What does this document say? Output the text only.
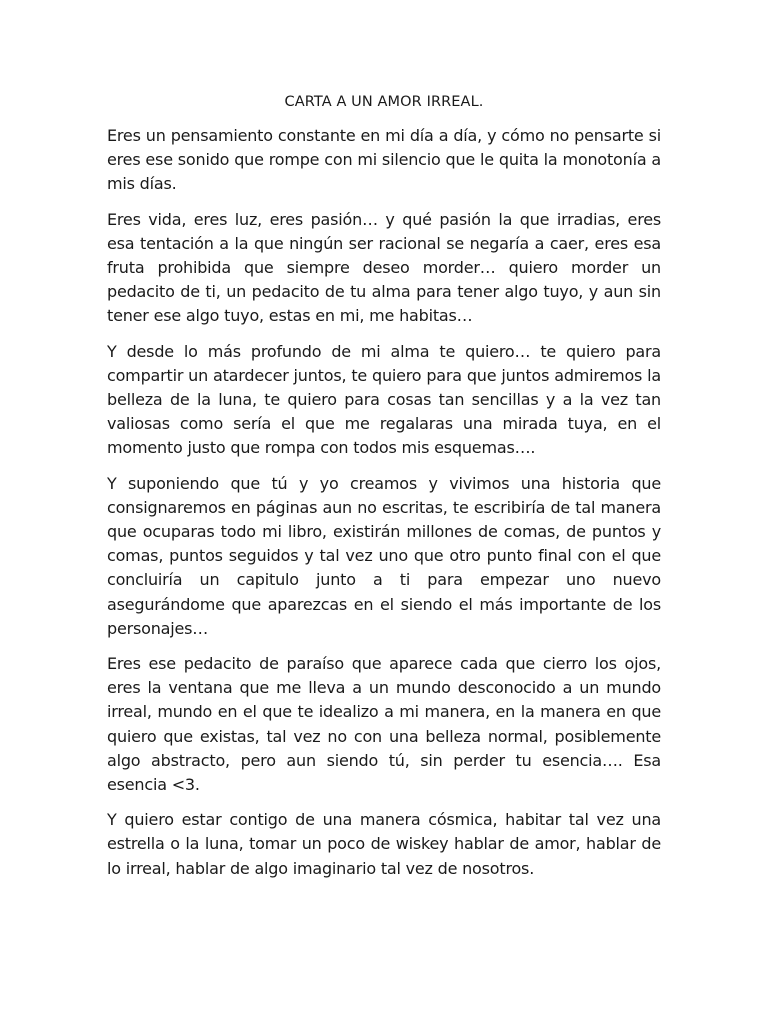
CARTA A UN AMOR IRREAL.

Eres un pensamiento constante en mi día a día, y cómo no pensarte si eres ese sonido que rompe con mi silencio que le quita la monotonía a mis días.

Eres vida, eres luz, eres pasión… y qué pasión la que irradias, eres esa tentación a la que ningún ser racional se negaría a caer, eres esa fruta prohibida que siempre deseo morder… quiero morder un pedacito de ti, un pedacito de tu alma para tener algo tuyo, y aun sin tener ese algo tuyo, estas en mi, me habitas…

Y desde lo más profundo de mi alma te quiero… te quiero para compartir un atardecer juntos, te quiero para que juntos admiremos la belleza de la luna, te quiero para cosas tan sencillas y a la vez tan valiosas como sería el que me regalaras una mirada tuya, en el momento justo que rompa con todos mis esquemas….

Y suponiendo que tú y yo creamos y vivimos una historia que consignaremos en páginas aun no escritas, te escribiría de tal manera que ocuparas todo mi libro, existirán millones de comas, de puntos y comas, puntos seguidos y tal vez uno que otro punto final con el que concluiría un capitulo junto a ti para empezar uno nuevo asegurándome que aparezcas en el siendo el más importante de los personajes…

Eres ese pedacito de paraíso que aparece cada que cierro los ojos, eres la ventana que me lleva a un mundo desconocido a un mundo irreal, mundo en el que te idealizo a mi manera, en la manera en que quiero que existas, tal vez no con una belleza normal, posiblemente algo abstracto, pero aun siendo tú, sin perder tu esencia…. Esa esencia <3.

Y quiero estar contigo de una manera cósmica, habitar tal vez una estrella o la luna, tomar un poco de wiskey hablar de amor, hablar de lo irreal, hablar de algo imaginario tal vez de nosotros.
